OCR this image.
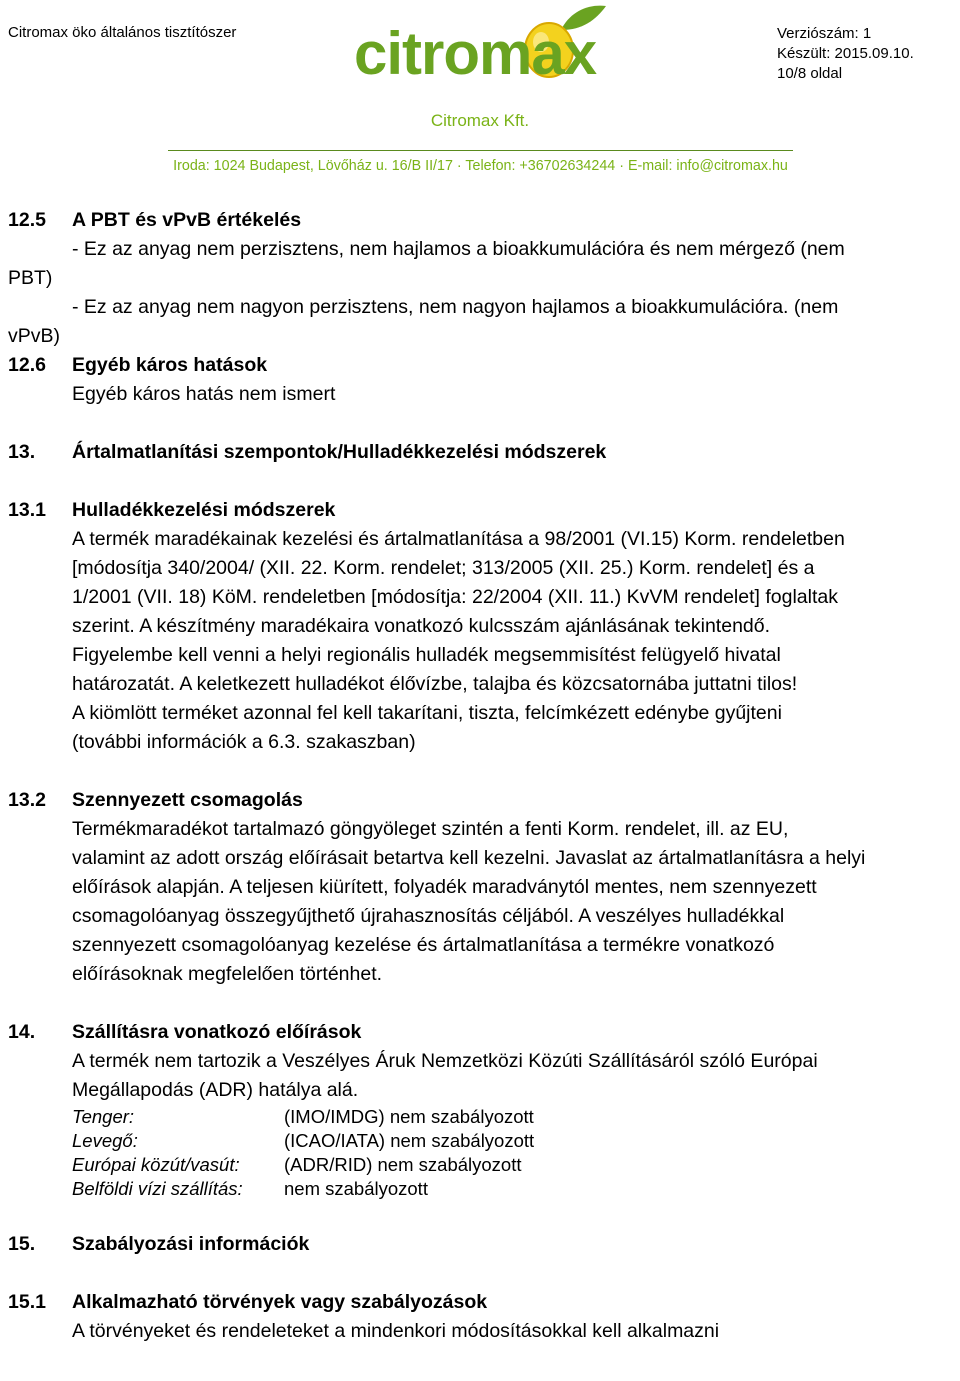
Citromax öko általános tisztítószer citromax	Verziószám: 1
Készült: 2015.09.10.
10/8 oldal
Citromax Kft.
Iroda: 1024 Budapest, Lövőház u. 16/B II/17 · Telefon: +36702634244 · E-mail: info@citromax.hu
12.5	A PBT és vPvB értékelés
- Ez az anyag nem perzisztens, nem hajlamos a bioakkumulációra és nem mérgező (nem
PBT)
- Ez az anyag nem nagyon perzisztens, nem nagyon hajlamos a bioakkumulációra. (nem
vPvB)
12.6	Egyéb káros hatások
Egyéb káros hatás nem ismert
13.	Ártalmatlanítási szempontok/Hulladékkezelési módszerek
13.1	Hulladékkezelési módszerek
A termék maradékainak kezelési és ártalmatlanítása a 98/2001 (VI.15) Korm. rendeletben
[módosítja 340/2004/ (XII. 22. Korm. rendelet; 313/2005 (XII. 25.) Korm. rendelet] és a
1/2001 (VII. 18) KöM. rendeletben [módosítja: 22/2004 (XII. 11.) KvVM rendelet] foglaltak
szerint. A készítmény maradékaira vonatkozó kulcsszám ajánlásának tekintendő.
Figyelembe kell venni a helyi regionális hulladék megsemmisítést felügyelő hivatal
határozatát. A keletkezett hulladékot élővízbe, talajba és közcsatornába juttatni tilos!
A kiömlött terméket azonnal fel kell takarítani, tiszta, felcímkézett edénybe gyűjteni
(további információk a 6.3. szakaszban)
13.2	Szennyezett csomagolás
Termékmaradékot tartalmazó göngyöleget szintén a fenti Korm. rendelet, ill. az EU,
valamint az adott ország előírásait betartva kell kezelni. Javaslat az ártalmatlanításra a helyi
előírások alapján. A teljesen kiürített, folyadék maradványtól mentes, nem szennyezett
csomagolóanyag összegyűjthető újrahasznosítás céljából. A veszélyes hulladékkal
szennyezett csomagolóanyag kezelése és ártalmatlanítása a termékre vonatkozó
előírásoknak megfelelően történhet.
14.	Szállításra vonatkozó előírások
A termék nem tartozik a Veszélyes Áruk Nemzetközi Közúti Szállításáról szóló Európai
Megállapodás (ADR) hatálya alá.
Tenger:	(IMO/IMDG) nem szabályozott
Levegő:	(ICAO/IATA) nem szabályozott
Európai közút/vasút:	(ADR/RID) nem szabályozott
Belföldi vízi szállítás:	nem szabályozott
15.	Szabályozási információk
15.1	Alkalmazható törvények vagy szabályozások
A törvényeket és rendeleteket a mindenkori módosításokkal kell alkalmazni
